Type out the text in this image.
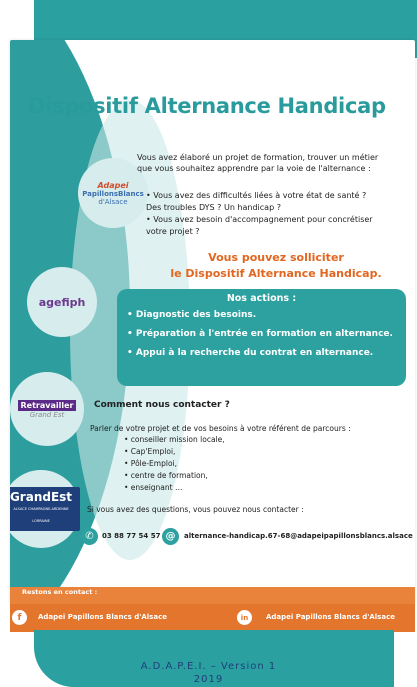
Dispositif Alternance Handicap
Adapei
PapillonsBlancs
d'Alsace
agefiph
Retravailler
Grand Est
GrandEst
ALSACE CHAMPAGNE-ARDENNE LORRAINE
Vous avez élaboré un projet de formation, trouver un métier
que vous souhaitez apprendre par la voie de l'alternance :
• Vous avez des difficultés liées à votre état de santé ?
Des troubles DYS ? Un handicap ?
• Vous avez besoin d'accompagnement pour concrétiser
votre projet ?
Vous pouvez solliciter
le Dispositif Alternance Handicap.
Nos actions :
• Diagnostic des besoins.
• Préparation à l'entrée en formation en alternance.
• Appui à la recherche du contrat en alternance.
Comment nous contacter ?
Parler de votre projet et de vos besoins à votre référent de parcours :
• conseiller mission locale,
• Cap'Emploi,
• Pôle-Emploi,
• centre de formation,
• enseignant …
Si vous avez des questions, vous pouvez nous contacter :
✆	03 88 77 54 57 @	alternance-handicap.67-68@adapeipapillonsblancs.alsace
Restons en contact :
f	Adapei Papillons Blancs d'Alsace	in	Adapei Papillons Blancs d'Alsace
A.D.A.P.E.I. – Version 1
2019
